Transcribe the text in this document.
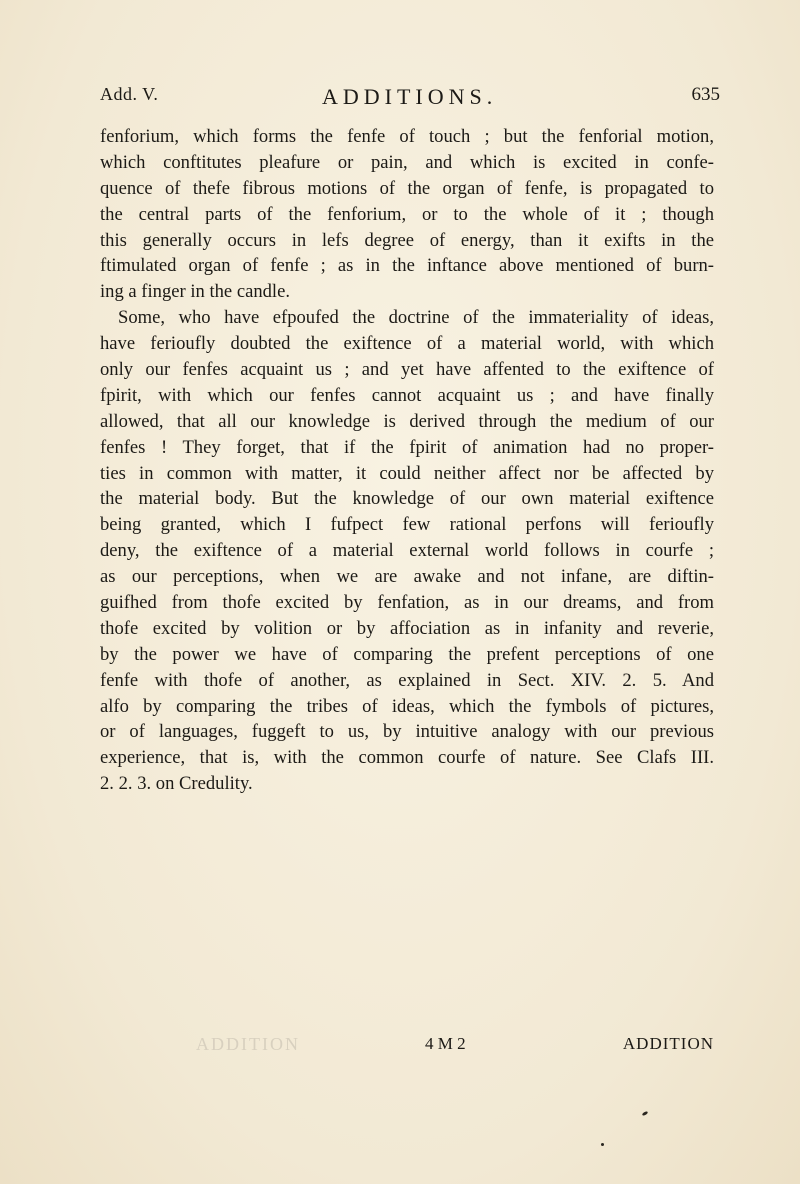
Add. V.	ADDITIONS.	635
fenforium, which forms the fenfe of touch ; but the fenforial motion,
which conftitutes pleafure or pain, and which is excited in confe-
quence of thefe fibrous motions of the organ of fenfe, is propagated to
the central parts of the fenforium, or to the whole of it ; though
this generally occurs in lefs degree of energy, than it exifts in the
ftimulated organ of fenfe ; as in the inftance above mentioned of burn-
ing a finger in the candle.
Some, who have efpoufed the doctrine of the immateriality of ideas,
have ferioufly doubted the exiftence of a material world, with which
only our fenfes acquaint us ; and yet have affented to the exiftence of
fpirit, with which our fenfes cannot acquaint us ; and have finally
allowed, that all our knowledge is derived through the medium of our
fenfes ! They forget, that if the fpirit of animation had no proper-
ties in common with matter, it could neither affect nor be affected by
the material body. But the knowledge of our own material exiftence
being granted, which I fufpect few rational perfons will ferioufly
deny, the exiftence of a material external world follows in courfe ;
as our perceptions, when we are awake and not infane, are diftin-
guifhed from thofe excited by fenfation, as in our dreams, and from
thofe excited by volition or by affociation as in infanity and reverie,
by the power we have of comparing the prefent perceptions of one
fenfe with thofe of another, as explained in Sect. XIV. 2. 5. And
alfo by comparing the tribes of ideas, which the fymbols of pictures,
or of languages, fuggeft to us, by intuitive analogy with our previous
experience, that is, with the common courfe of nature. See Clafs III.
2. 2. 3. on Credulity.
ADDITION	4 M 2	ADDITION
